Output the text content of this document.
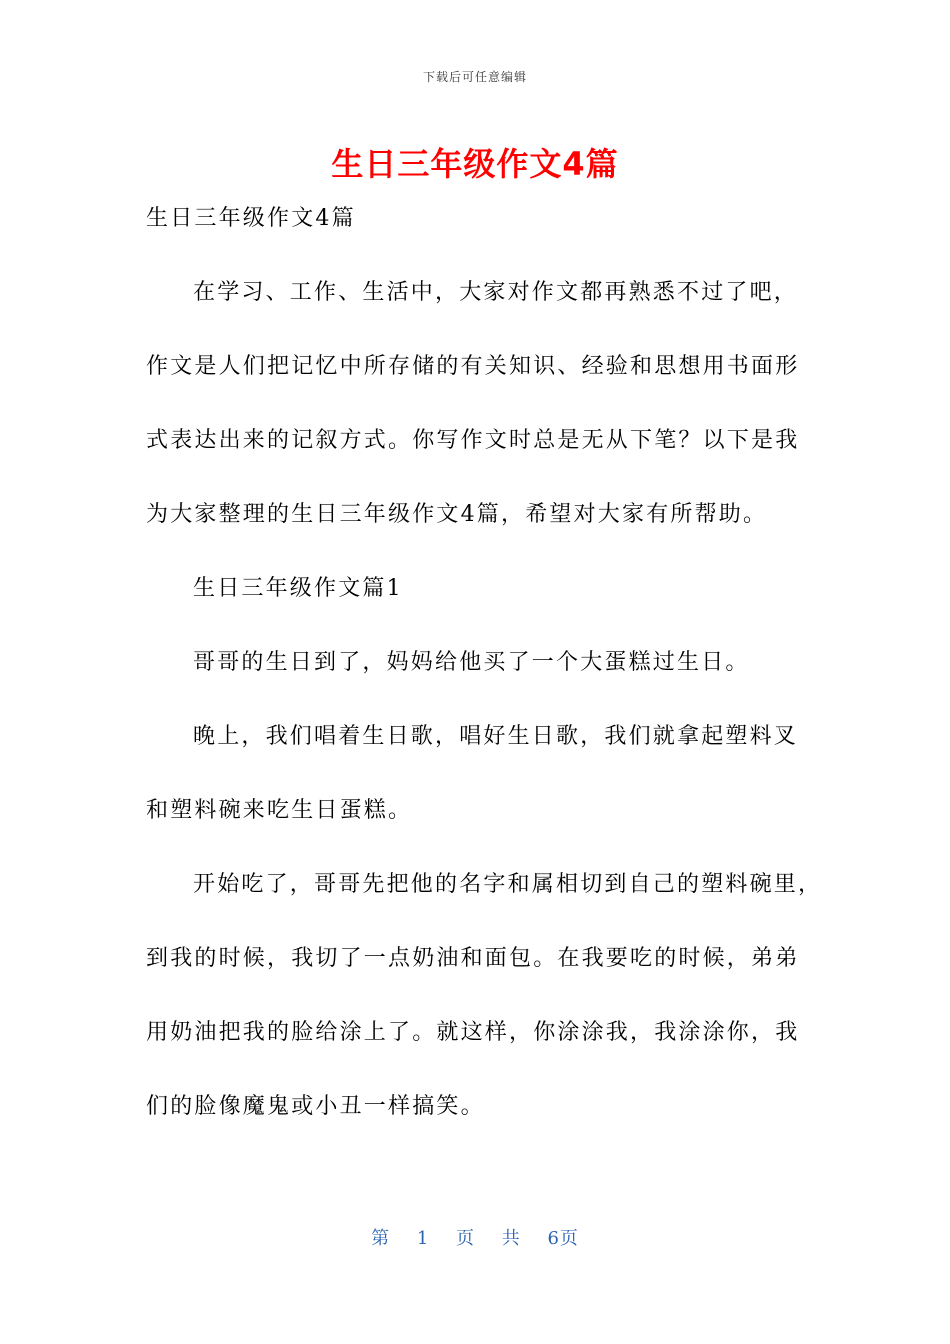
下载后可任意编辑
生日三年级作文4篇
生日三年级作文4篇
在学习、工作、生活中，大家对作文都再熟悉不过了吧，
作文是人们把记忆中所存储的有关知识、经验和思想用书面形
式表达出来的记叙方式。你写作文时总是无从下笔？以下是我
为大家整理的生日三年级作文4篇，希望对大家有所帮助。
生日三年级作文篇1
哥哥的生日到了，妈妈给他买了一个大蛋糕过生日。
晚上，我们唱着生日歌，唱好生日歌，我们就拿起塑料叉
和塑料碗来吃生日蛋糕。
开始吃了，哥哥先把他的名字和属相切到自己的塑料碗里，
到我的时候，我切了一点奶油和面包。在我要吃的时候，弟弟
用奶油把我的脸给涂上了。就这样，你涂涂我，我涂涂你，我
们的脸像魔鬼或小丑一样搞笑。
第 1 页 共 6页
